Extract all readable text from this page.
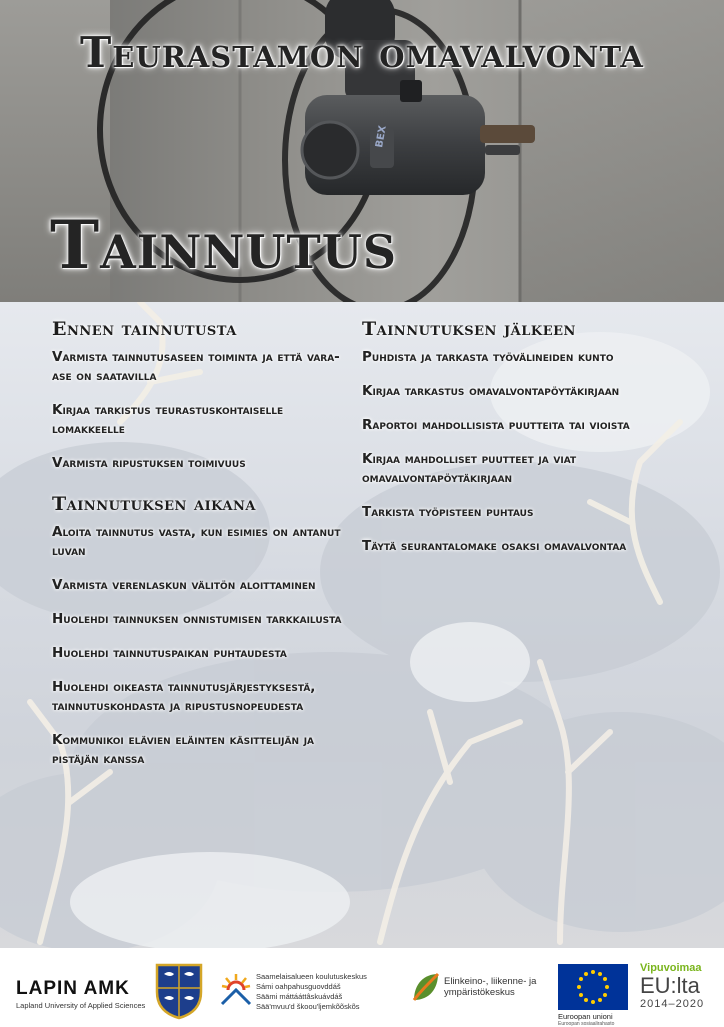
BEX
Teurastamon omavalvonta
Tainnutus
Ennen tainnutusta
Varmista tainnutusaseen toiminta ja että vara-ase on saatavilla
Kirjaa tarkistus teurastuskohtaiselle lomakkeelle
Varmista ripustuksen toimivuus
Tainnutuksen aikana
Aloita tainnutus vasta, kun esimies on antanut luvan
Varmista verenlaskun välitön aloittaminen
Huolehdi tainnuksen onnistumisen tarkkailusta
Huolehdi tainnutuspaikan puhtaudesta
Huolehdi oikeasta tainnutusjärjestyksestä, tainnutuskohdasta ja ripustusnopeudesta
Kommunikoi elävien eläinten käsittelijän ja pistäjän kanssa
Tainnutuksen jälkeen
Puhdista ja tarkasta työvälineiden kunto
Kirjaa tarkastus omavalvontapöytäkirjaan
Raportoi mahdollisista puutteita tai vioista
Kirjaa mahdolliset puutteet ja viat omavalvontapöytäkirjaan
Tarkista työpisteen puhtaus
Täytä seurantalomake osaksi omavalvontaa
LAPIN AMK
Lapland University of Applied Sciences
Saamelaisalueen koulutuskeskus
Sámi oahpahusguovddáš
Säämi máttááttâskuávdáš
Sää'mvuu'd škoou'lјemkõõskõs
Elinkeino-, liikenne- ja ympäristökeskus
Euroopan unioni
Euroopan sosiaalirahasto
Vipuvoimaa
EU:lta
2014–2020
